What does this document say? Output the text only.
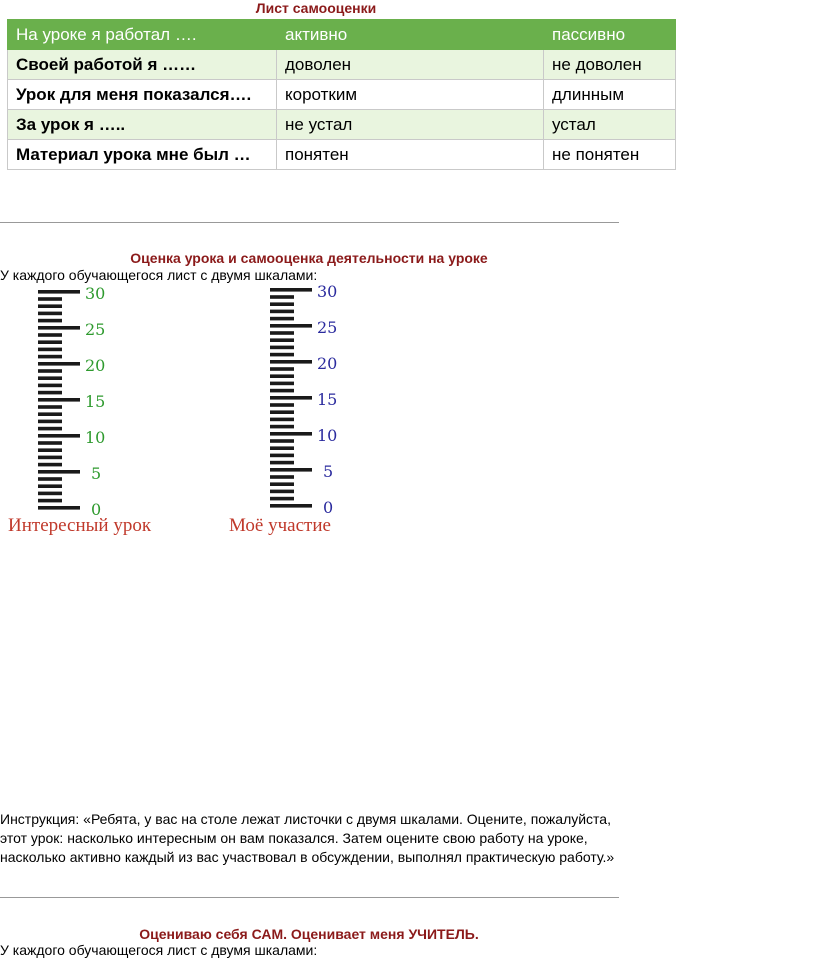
Лист самооценки
На уроке я работал ….	активно	пассивно
Своей работой я ……	доволен	не доволен
Урок для меня показался….	коротким	длинным
За урок я …..	не устал	устал
Материал урока мне был …	понятен	не понятен
Оценка урока и самооценка деятельности на уроке
У каждого обучающегося лист с двумя шкалами:
30
25
20
15
10
5
0
Интересный урок
30
25
20
15
10
5
0
Моё участие
Инструкция: «Ребята, у вас на столе лежат листочки с двумя шкалами. Оцените, пожалуйста,
этот урок: насколько интересным он вам показался. Затем оцените свою работу на уроке,
насколько активно каждый из вас участвовал в обсуждении, выполнял практическую работу.»
Оцениваю себя САМ. Оценивает меня УЧИТЕЛЬ.
У каждого обучающегося лист с двумя шкалами:
